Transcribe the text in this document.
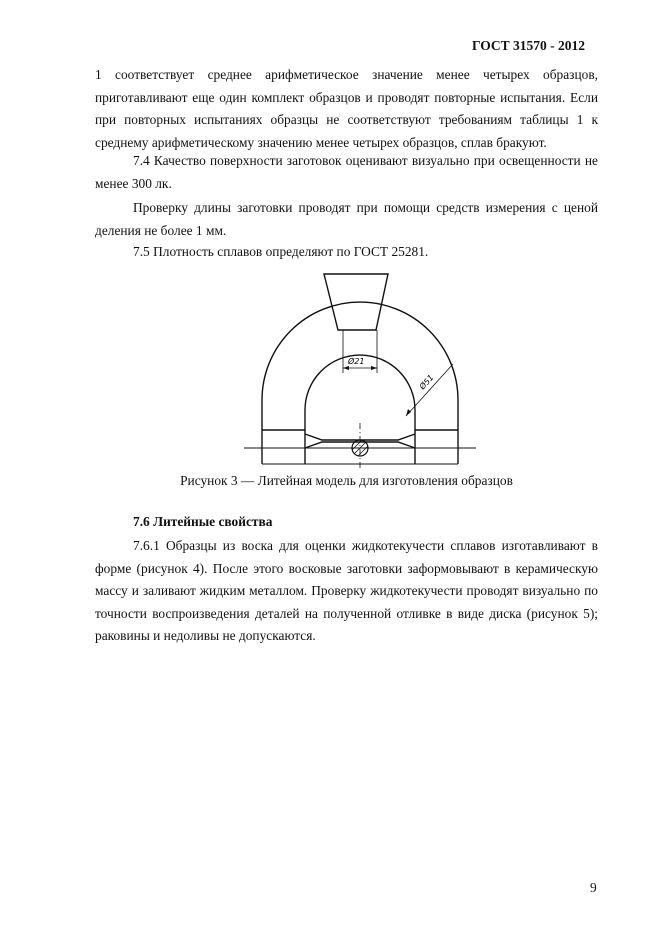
ГОСТ 31570 - 2012
1 соответствует среднее арифметическое значение менее четырех образцов, приготавливают еще один комплект образцов и проводят повторные испытания. Если при повторных испытаниях образцы не соответствуют требованиям таблицы 1 к среднему арифметическому значению менее четырех образцов, сплав бракуют.
7.4 Качество поверхности заготовок оценивают визуально при освещенности не менее 300 лк.
Проверку длины заготовки проводят при помощи средств измерения с ценой деления не более 1 мм.
7.5 Плотность сплавов определяют по ГОСТ 25281.
Ø21
Ø51
Рисунок 3 — Литейная модель для изготовления образцов
7.6 Литейные свойства
7.6.1 Образцы из воска для оценки жидкотекучести сплавов изготавливают в форме (рисунок 4). После этого восковые заготовки заформовывают в керамическую массу и заливают жидким металлом. Проверку жидкотекучести проводят визуально по точности воспроизведения деталей на полученной отливке в виде диска (рисунок 5); раковины и недоливы не допускаются.
9
